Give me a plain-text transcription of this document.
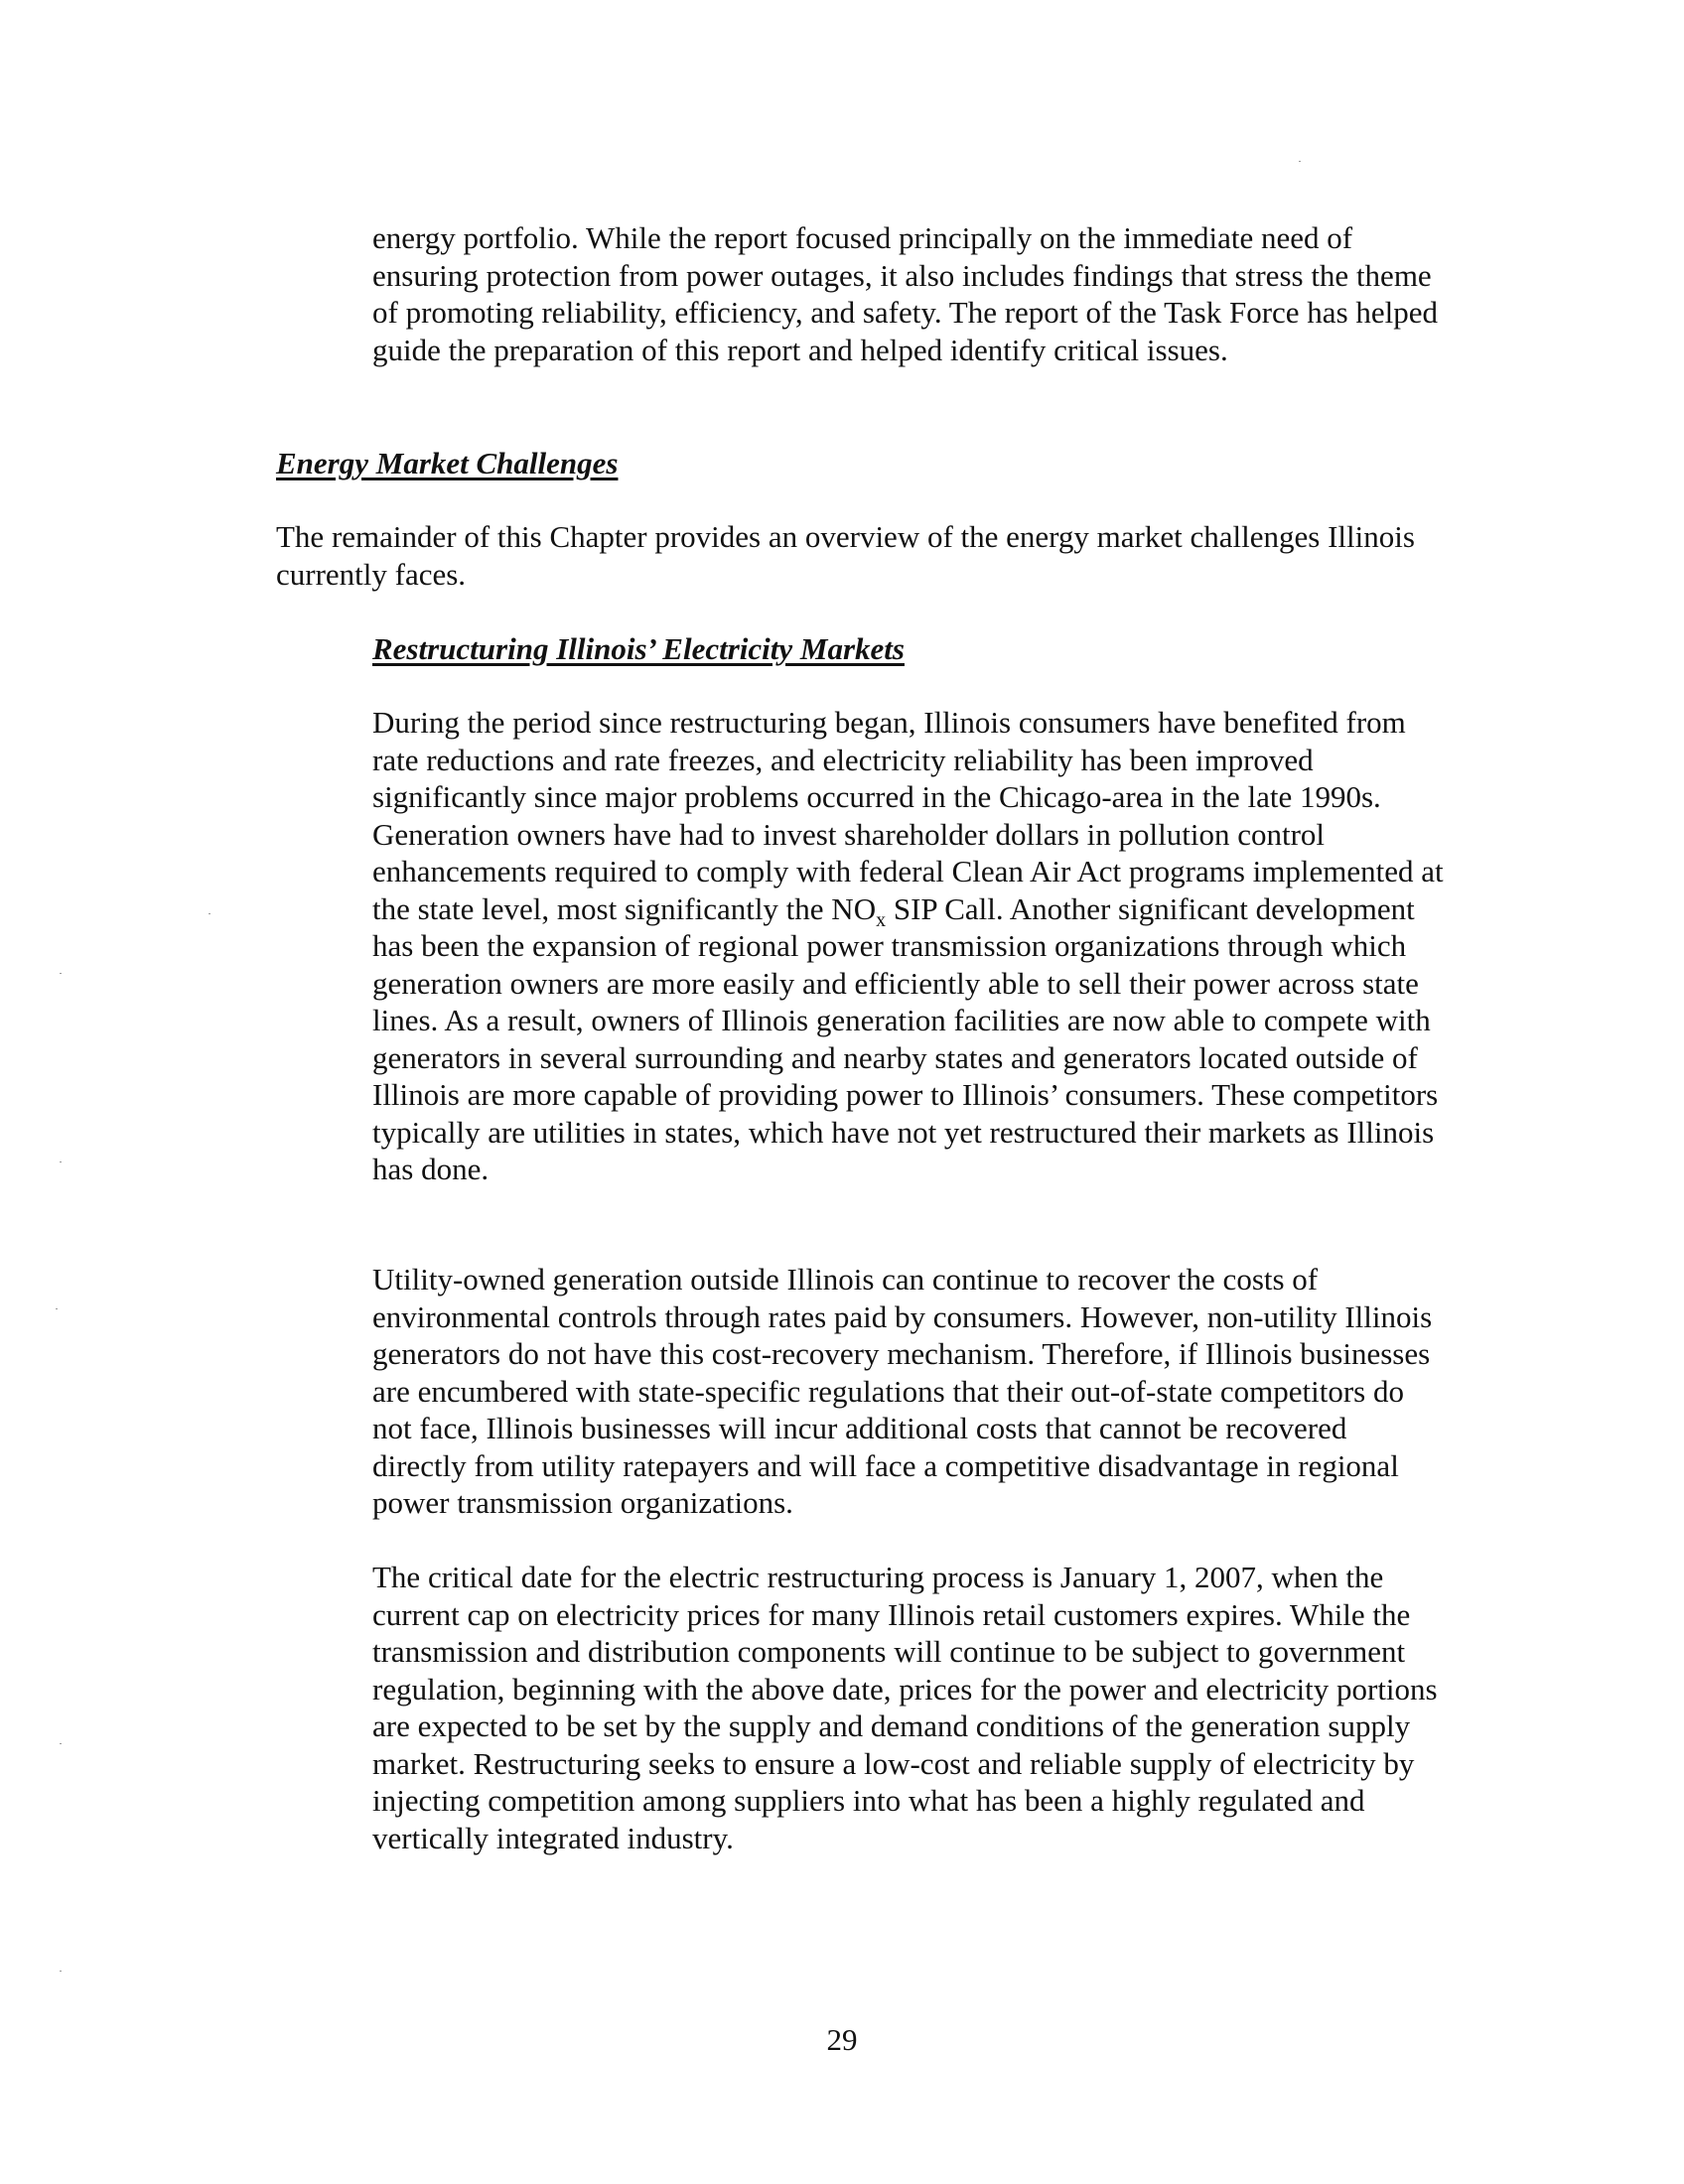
energy portfolio. While the report focused principally on the immediate need of ensuring protection from power outages, it also includes findings that stress the theme of promoting reliability, efficiency, and safety. The report of the Task Force has helped guide the preparation of this report and helped identify critical issues.

Energy Market Challenges

The remainder of this Chapter provides an overview of the energy market challenges Illinois currently faces.

Restructuring Illinois’ Electricity Markets

During the period since restructuring began, Illinois consumers have benefited from rate reductions and rate freezes, and electricity reliability has been improved significantly since major problems occurred in the Chicago-area in the late 1990s. Generation owners have had to invest shareholder dollars in pollution control enhancements required to comply with federal Clean Air Act programs implemented at the state level, most significantly the $NO_x$ SIP Call. Another significant development has been the expansion of regional power transmission organizations through which generation owners are more easily and efficiently able to sell their power across state lines. As a result, owners of Illinois generation facilities are now able to compete with generators in several surrounding and nearby states and generators located outside of Illinois are more capable of providing power to Illinois’ consumers. These competitors typically are utilities in states, which have not yet restructured their markets as Illinois has done.

Utility-owned generation outside Illinois can continue to recover the costs of environmental controls through rates paid by consumers. However, non-utility Illinois generators do not have this cost-recovery mechanism. Therefore, if Illinois businesses are encumbered with state-specific regulations that their out-of-state competitors do not face, Illinois businesses will incur additional costs that cannot be recovered directly from utility ratepayers and will face a competitive disadvantage in regional power transmission organizations.

The critical date for the electric restructuring process is January 1, 2007, when the current cap on electricity prices for many Illinois retail customers expires. While the transmission and distribution components will continue to be subject to government regulation, beginning with the above date, prices for the power and electricity portions are expected to be set by the supply and demand conditions of the generation supply market. Restructuring seeks to ensure a low-cost and reliable supply of electricity by injecting competition among suppliers into what has been a highly regulated and vertically integrated industry.

29
